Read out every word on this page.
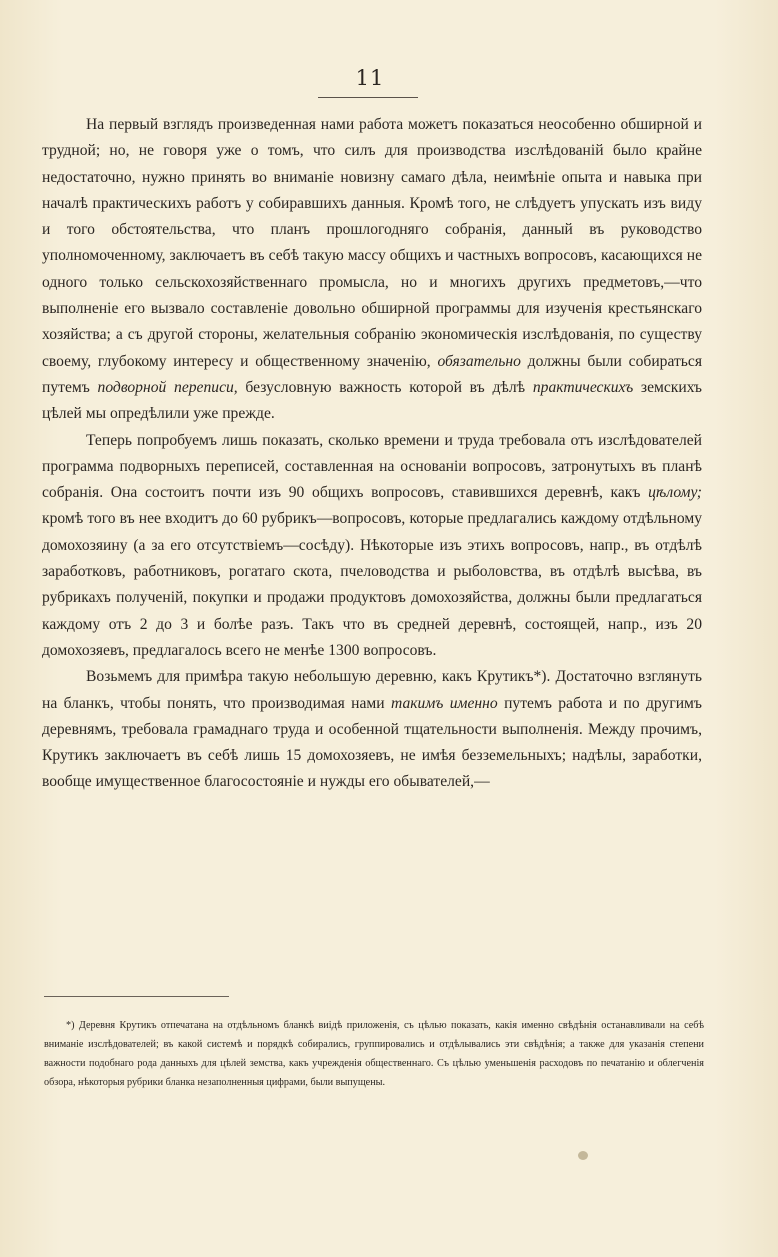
11

На первый взглядъ произведенная нами работа можетъ показаться неособенно обширной и трудной; но, не говоря уже о томъ, что силъ для производства изслѣдованій было крайне недостаточно, нужно принять во вниманіе новизну самаго дѣла, неимѣніе опыта и навыка при началѣ практическихъ работъ у собиравшихъ данныя. Кромѣ того, не слѣдуетъ упускать изъ виду и того обстоятельства, что планъ прошлогодняго собранія, данный въ руководство уполномоченному, заключаетъ въ себѣ такую массу общихъ и частныхъ вопросовъ, касающихся не одного только сельскохозяйственнаго промысла, но и многихъ другихъ предметовъ,—что выполненіе его вызвало составленіе довольно обширной программы для изученія крестьянскаго хозяйства; а съ другой стороны, желательныя собранію экономическія изслѣдованія, по существу своему, глубокому интересу и общественному значенію, обязательно должны были собираться путемъ подворной переписи, безусловную важность которой въ дѣлѣ практическихъ земскихъ цѣлей мы опредѣлили уже прежде.

Теперь попробуемъ лишь показать, сколько времени и труда требовала отъ изслѣдователей программа подворныхъ переписей, составленная на основаніи вопросовъ, затронутыхъ въ планѣ собранія. Она состоитъ почти изъ 90 общихъ вопросовъ, ставившихся деревнѣ, какъ цѣлому; кромѣ того въ нее входитъ до 60 рубрикъ—вопросовъ, которые предлагались каждому отдѣльному домохозяину (а за его отсутствіемъ—сосѣду). Нѣкоторые изъ этихъ вопросовъ, напр., въ отдѣлѣ заработковъ, работниковъ, рогатаго скота, пчеловодства и рыболовства, въ отдѣлѣ высѣва, въ рубрикахъ полученій, покупки и продажи продуктовъ домохозяйства, должны были предлагаться каждому отъ 2 до 3 и болѣе разъ. Такъ что въ средней деревнѣ, состоящей, напр., изъ 20 домохозяевъ, предлагалось всего не менѣе 1300 вопросовъ.

Возьмемъ для примѣра такую небольшую деревню, какъ Крутикъ*). Достаточно взглянуть на бланкъ, чтобы понять, что производимая нами такимъ именно путемъ работа и по другимъ деревнямъ, требовала грамаднаго труда и особенной тщательности выполненія. Между прочимъ, Крутикъ заключаетъ въ себѣ лишь 15 домохозяевъ, не имѣя безземельныхъ; надѣлы, заработки, вообще имущественное благосостояніе и нужды его обывателей,—

*) Деревня Крутикъ отпечатана на отдѣльномъ бланкѣ виідѣ приложенія, съ цѣлью показать, какія именно свѣдѣнія останавливали на себѣ вниманіе изслѣдователей; въ какой системѣ и порядкѣ собирались, группировались и отдѣлывались эти свѣдѣнія; а также для указанія степени важности подобнаго рода данныхъ для цѣлей земства, какъ учрежденія общественнаго. Съ цѣлью уменьшенія расходовъ по печатанію и облегченія обзора, нѣкоторыя рубрики бланка незаполненныя цифрами, были выпущены.
